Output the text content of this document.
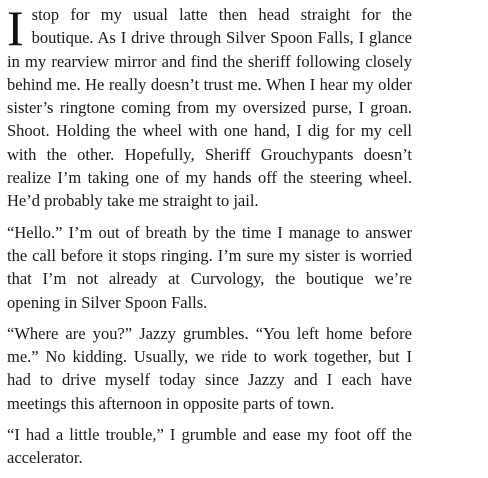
Istop for my usual latte then head straight for the boutique. As I drive through Silver Spoon Falls, I glance in my rearview mirror and find the sheriff following closely behind me. He really doesn’t trust me. When I hear my older sister’s ringtone coming from my oversized purse, I groan. Shoot. Holding the wheel with one hand, I dig for my cell with the other. Hopefully, Sheriff Grouchypants doesn’t realize I’m taking one of my hands off the steering wheel. He’d probably take me straight to jail.

“Hello.” I’m out of breath by the time I manage to answer the call before it stops ringing. I’m sure my sister is worried that I’m not already at Curvology, the boutique we’re opening in Silver Spoon Falls.

“Where are you?” Jazzy grumbles. “You left home before me.” No kidding. Usually, we ride to work together, but I had to drive myself today since Jazzy and I each have meetings this afternoon in opposite parts of town.

“I had a little trouble,” I grumble and ease my foot off the accelerator.
